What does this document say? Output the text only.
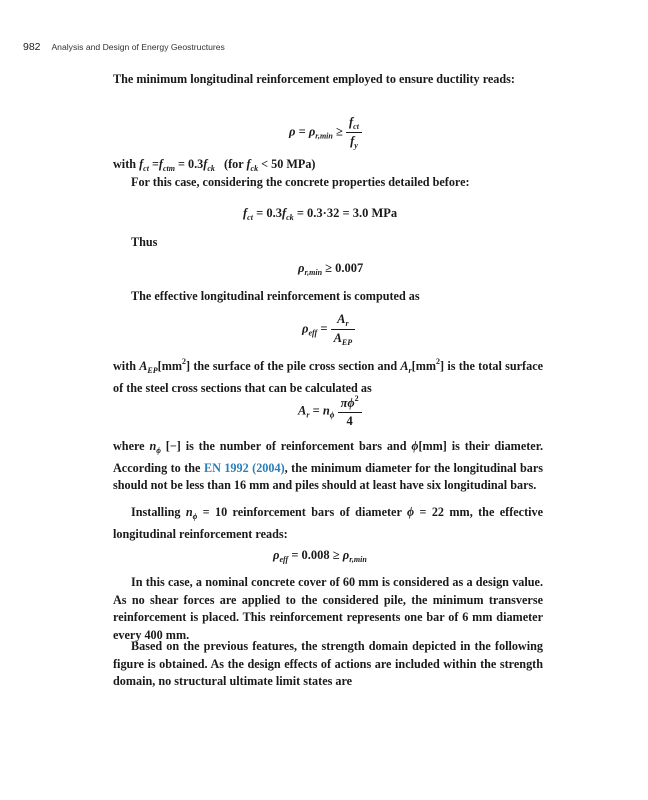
982 Analysis and Design of Energy Geostructures
The minimum longitudinal reinforcement employed to ensure ductility reads:
$\rho = \rho_{r,min} \ge \frac{f_{ct}}{f_y}$
with $f_{ct} =f_{ctm} = 0.3f_{ck}$ (for $f_{ck} < 50$ MPa)
For this case, considering the concrete properties detailed before:
$f_{ct} = 0.3f_{ck} = 0.3\cdot 32 = 3.0$ MPa
Thus
$\rho_{r,min} \ge 0.007$
The effective longitudinal reinforcement is computed as
$\rho_{eff} = \frac{A_r}{A_{EP}}$
with $A_{EP}[mm^2]$ the surface of the pile cross section and $A_r[mm^2]$ is the total surface of the steel cross sections that can be calculated as
$A_r = n_\phi \frac{\pi\phi^2}{4}$
where $n_\phi$ [−] is the number of reinforcement bars and ϕ[mm] is their diameter. According to the EN 1992 (2004), the minimum diameter for the longitudinal bars should not be less than 16 mm and piles should at least have six longitudinal bars.
Installing $n_\phi = 10$ reinforcement bars of diameter ϕ = 22 mm, the effective longitudinal reinforcement reads:
$\rho_{eff} = 0.008 \ge \rho_{r,min}$
In this case, a nominal concrete cover of 60 mm is considered as a design value. As no shear forces are applied to the considered pile, the minimum transverse reinforcement is placed. This reinforcement represents one bar of 6 mm diameter every 400 mm.
Based on the previous features, the strength domain depicted in the following figure is obtained. As the design effects of actions are included within the strength domain, no structural ultimate limit states are
